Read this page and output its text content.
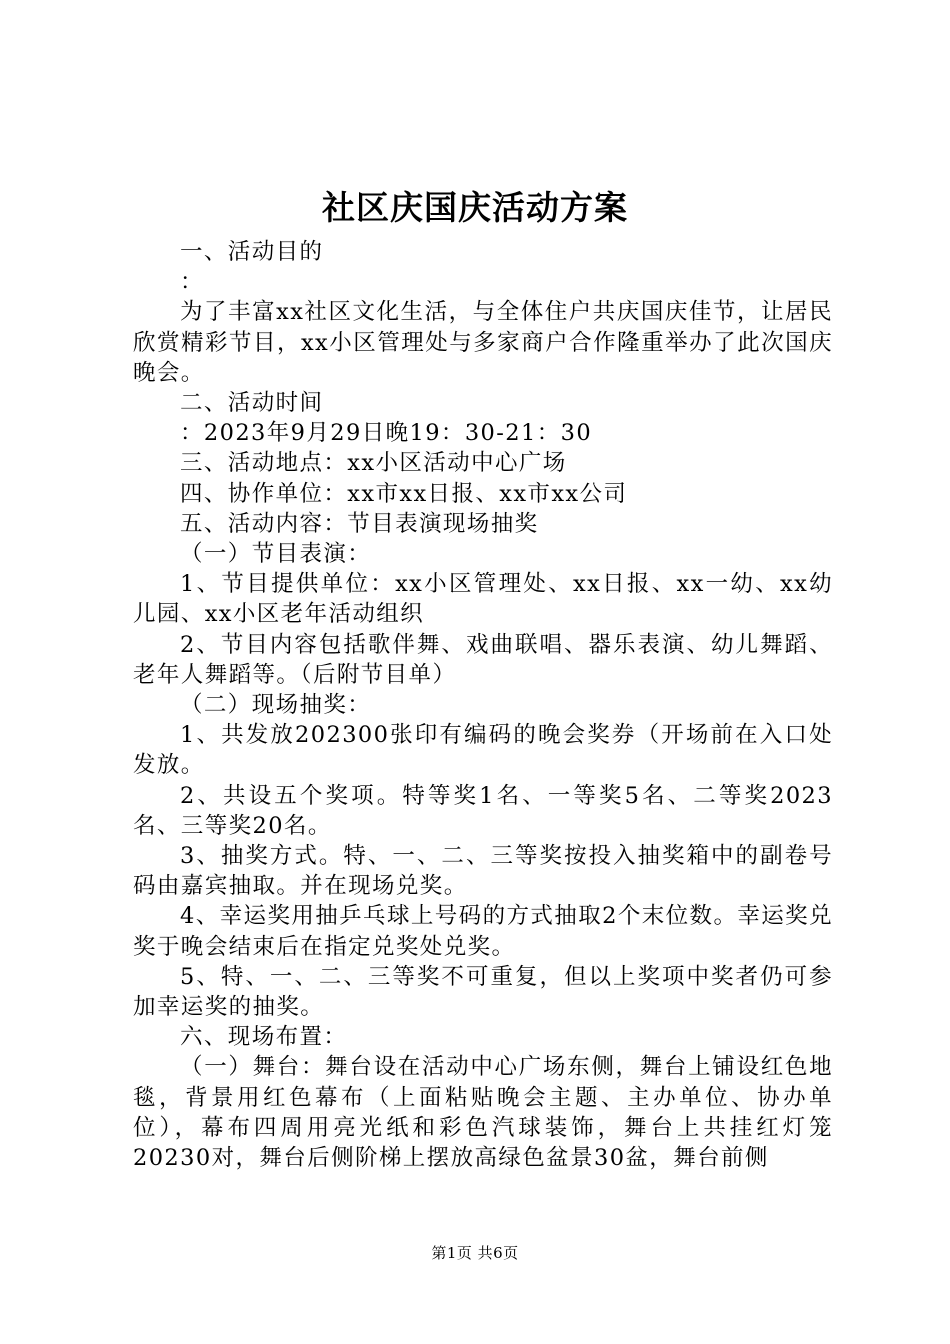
社区庆国庆活动方案

一、活动目的

：

为了丰富xx社区文化生活，与全体住户共庆国庆佳节，让居民欣赏精彩节目，xx小区管理处与多家商户合作隆重举办了此次国庆晚会。

二、活动时间

：2023年9月29日晚19：30-21：30

三、活动地点：xx小区活动中心广场

四、协作单位：xx市xx日报、xx市xx公司

五、活动内容：节目表演现场抽奖

（一）节目表演：

1、节目提供单位：xx小区管理处、xx日报、xx一幼、xx幼儿园、xx小区老年活动组织

2、节目内容包括歌伴舞、戏曲联唱、器乐表演、幼儿舞蹈、老年人舞蹈等。（后附节目单）

（二）现场抽奖：

1、共发放202300张印有编码的晚会奖券（开场前在入口处发放。

2、共设五个奖项。特等奖1名、一等奖5名、二等奖2023名、三等奖20名。

3、抽奖方式。特、一、二、三等奖按投入抽奖箱中的副卷号码由嘉宾抽取。并在现场兑奖。

4、幸运奖用抽乒乓球上号码的方式抽取2个末位数。幸运奖兑奖于晚会结束后在指定兑奖处兑奖。

5、特、一、二、三等奖不可重复，但以上奖项中奖者仍可参加幸运奖的抽奖。

六、现场布置：

（一）舞台：舞台设在活动中心广场东侧，舞台上铺设红色地毯，背景用红色幕布（上面粘贴晚会主题、主办单位、协办单位），幕布四周用亮光纸和彩色汽球装饰，舞台上共挂红灯笼20230对，舞台后侧阶梯上摆放高绿色盆景30盆，舞台前侧

第1页 共6页
